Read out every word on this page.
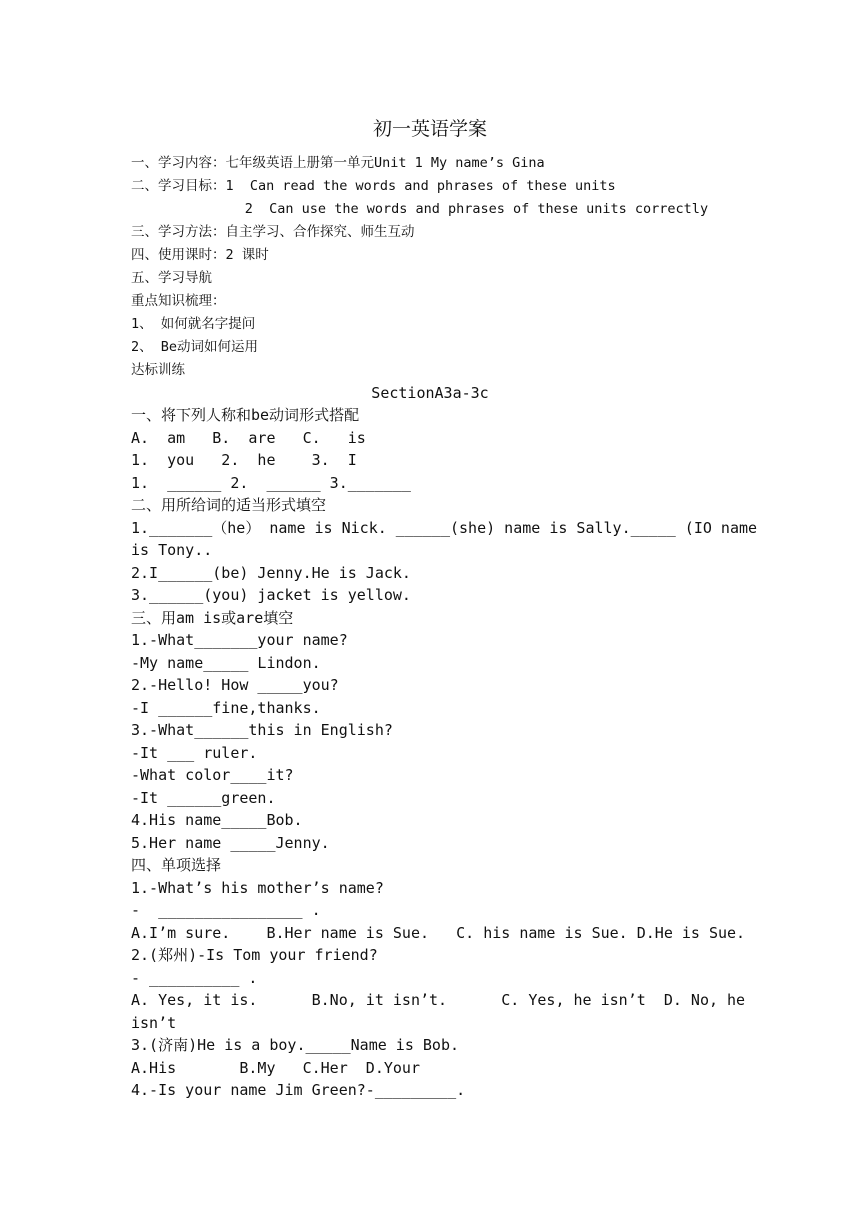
初一英语学案
一、学习内容：七年级英语上册第一单元Unit 1 My name’s Gina
二、学习目标：1  Can read the words and phrases of these units
2  Can use the words and phrases of these units correctly
三、学习方法：自主学习、合作探究、师生互动
四、使用课时：2 课时
五、学习导航
重点知识梳理：
1、 如何就名字提问
2、 Be动词如何运用
达标训练
SectionA3a-3c
一、将下列人称和be动词形式搭配
A.  am   B.  are   C.   is
1.  you   2.  he    3.  I
1.  ______ 2.  ______ 3._______
二、用所给词的适当形式填空
1._______（he） name is Nick. ______(she) name is Sally._____ (IO name
is Tony..
2.I______(be) Jenny.He is Jack.
3.______(you) jacket is yellow.
三、用am is或are填空
1.-What_______your name?
-My name_____ Lindon.
2.-Hello! How _____you?
-I ______fine,thanks.
3.-What______this in English?
-It ___ ruler.
-What color____it?
-It ______green.
4.His name_____Bob.
5.Her name _____Jenny.
四、单项选择
1.-What’s his mother’s name?
-  ________________ .
A.I’m sure.    B.Her name is Sue.   C. his name is Sue. D.He is Sue.
2.(郑州)-Is Tom your friend?
- __________ .
A. Yes, it is.      B.No, it isn’t.      C. Yes, he isn’t  D. No, he
isn’t
3.(济南)He is a boy._____Name is Bob.
A.His       B.My   C.Her  D.Your
4.-Is your name Jim Green?-_________.
